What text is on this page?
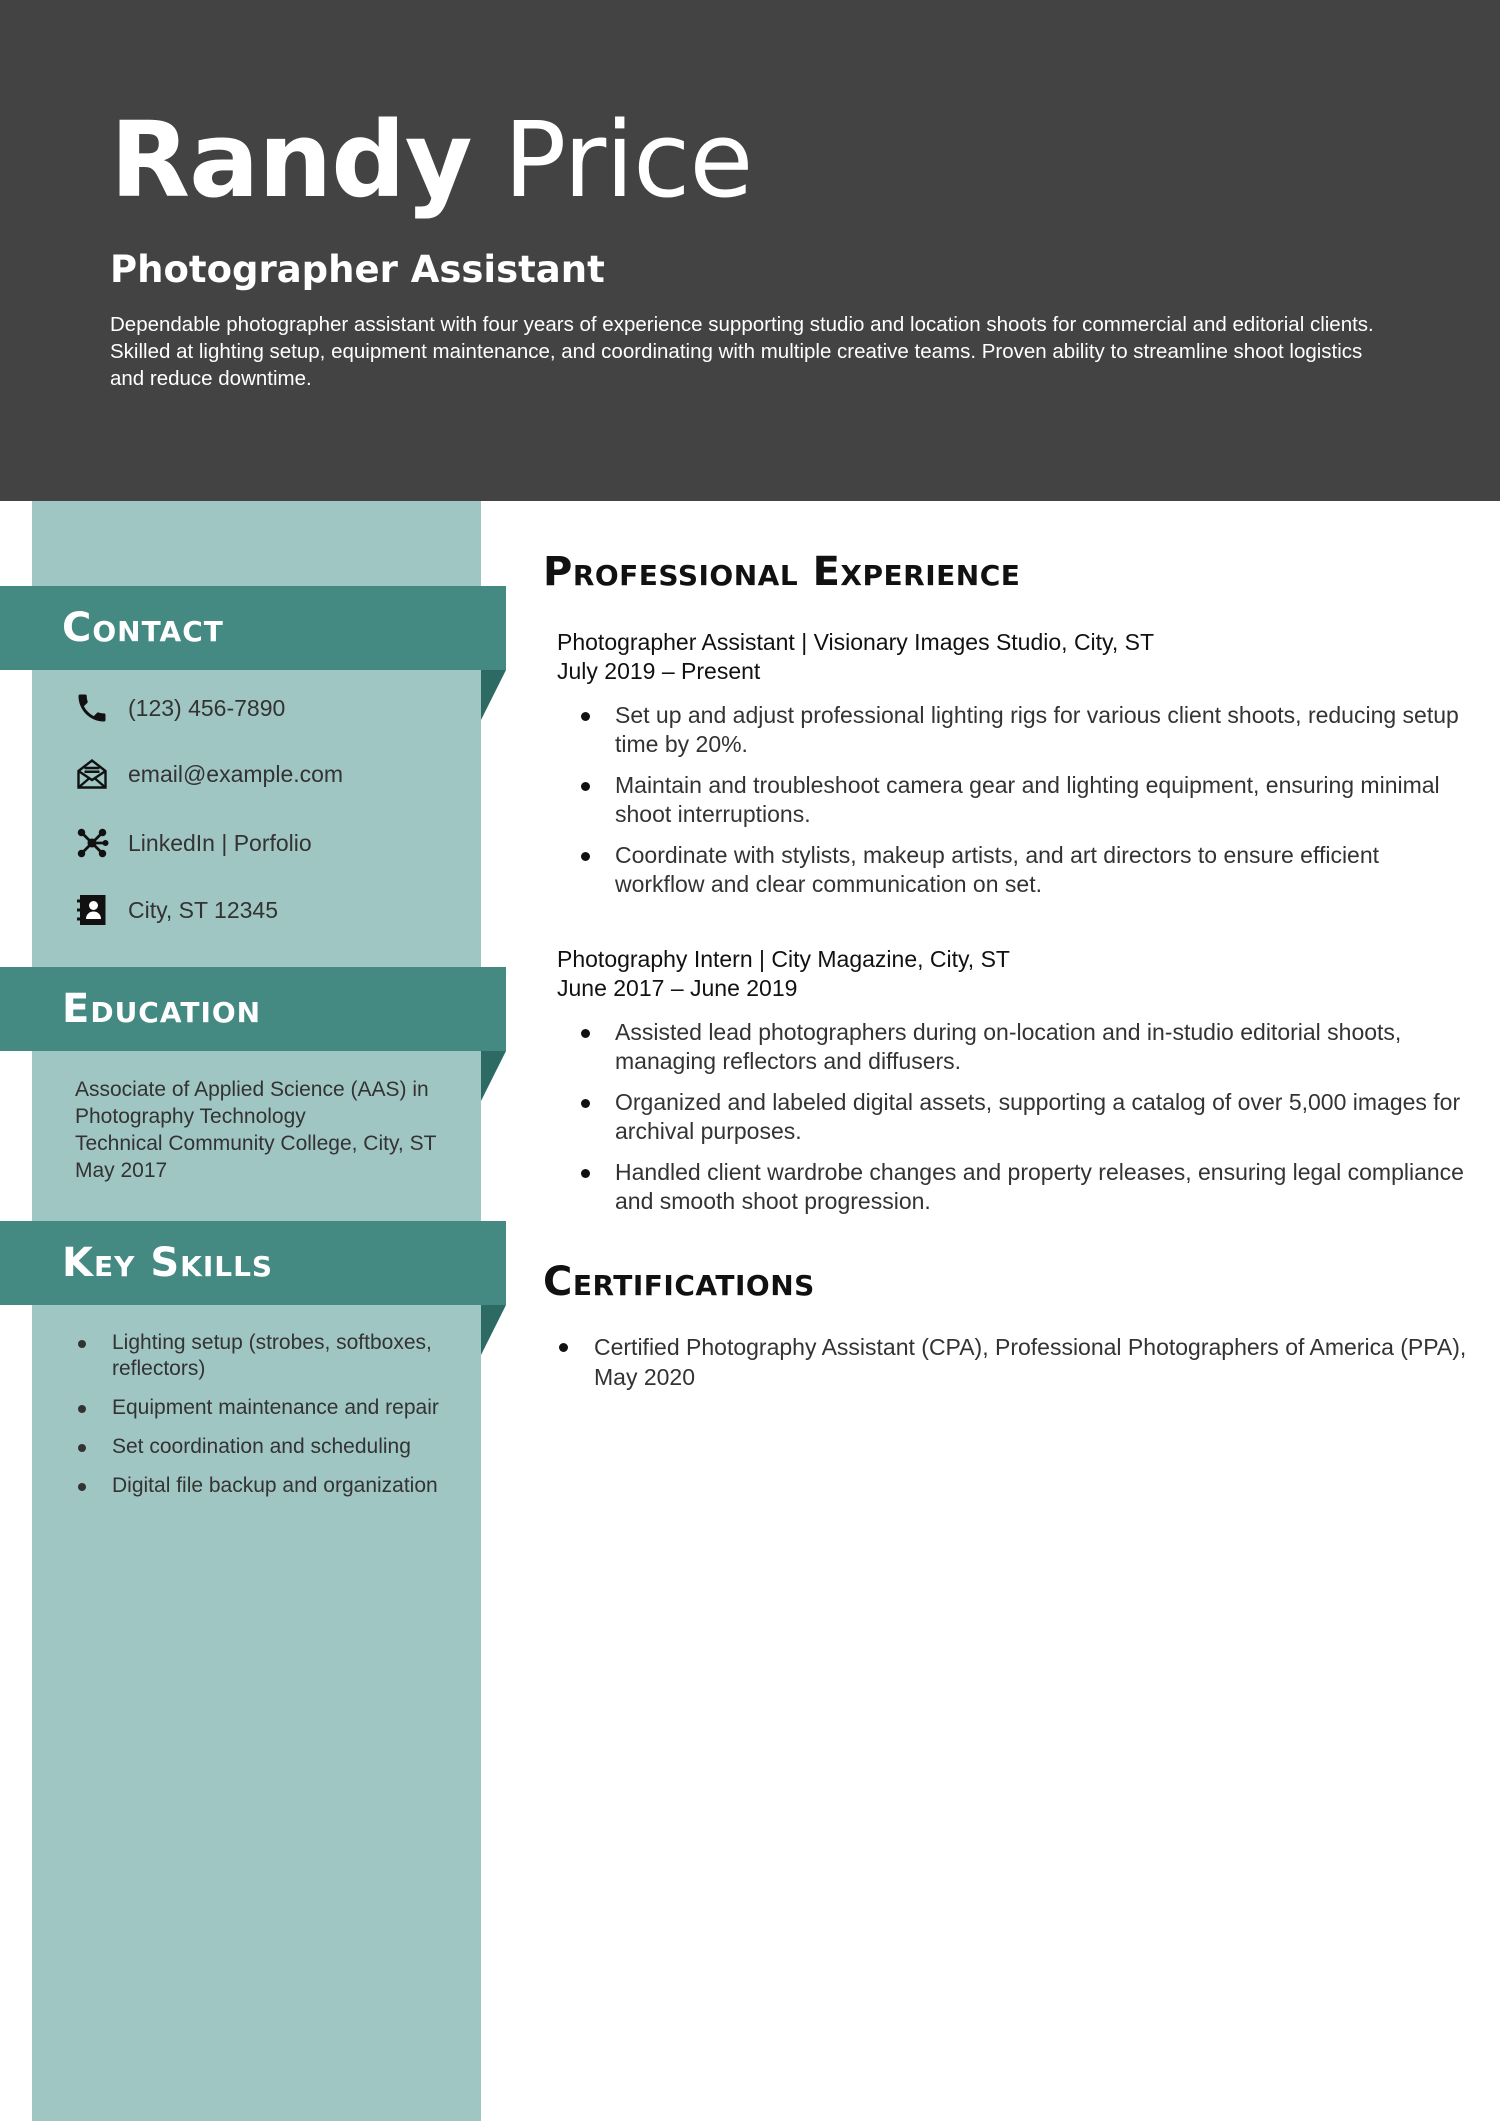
Randy Price
Photographer Assistant
Dependable photographer assistant with four years of experience supporting studio and location shoots for commercial and editorial clients. Skilled at lighting setup, equipment maintenance, and coordinating with multiple creative teams. Proven ability to streamline shoot logistics and reduce downtime.
Contact
(123) 456-7890
email@example.com
LinkedIn | Porfolio
City, ST 12345
Education
Associate of Applied Science (AAS) in
Photography Technology
Technical Community College, City, ST
May 2017
Key Skills
Lighting setup (strobes, softboxes, reflectors)
Equipment maintenance and repair
Set coordination and scheduling
Digital file backup and organization
Professional Experience
Photographer Assistant | Visionary Images Studio, City, ST
July 2019 – Present
Set up and adjust professional lighting rigs for various client shoots, reducing setup time by 20%.
Maintain and troubleshoot camera gear and lighting equipment, ensuring minimal shoot interruptions.
Coordinate with stylists, makeup artists, and art directors to ensure efficient workflow and clear communication on set.
Photography Intern | City Magazine, City, ST
June 2017 – June 2019
Assisted lead photographers during on-location and in-studio editorial shoots, managing reflectors and diffusers.
Organized and labeled digital assets, supporting a catalog of over 5,000 images for archival purposes.
Handled client wardrobe changes and property releases, ensuring legal compliance and smooth shoot progression.
Certifications
Certified Photography Assistant (CPA), Professional Photographers of America (PPA), May 2020
